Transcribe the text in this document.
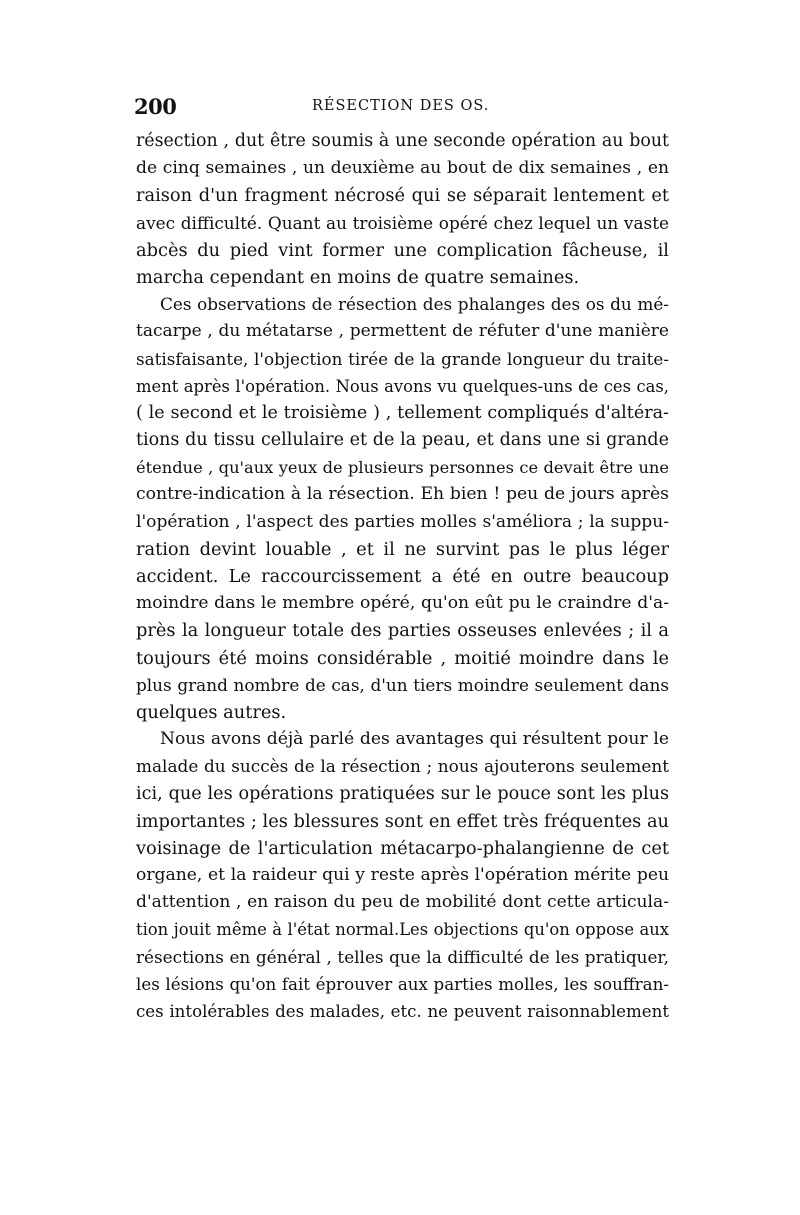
200	RÉSECTION DES OS.
résection , dut être soumis à une seconde opération au bout
de cinq semaines , un deuxième au bout de dix semaines , en
raison d'un fragment nécrosé qui se séparait lentement et
avec difficulté. Quant au troisième opéré chez lequel un vaste
abcès du pied vint former une complication fâcheuse, il
marcha cependant en moins de quatre semaines.
Ces observations de résection des phalanges des os du mé-
tacarpe , du métatarse , permettent de réfuter d'une manière
satisfaisante, l'objection tirée de la grande longueur du traite-
ment après l'opération. Nous avons vu quelques-uns de ces cas,
( le second et le troisième ) , tellement compliqués d'altéra-
tions du tissu cellulaire et de la peau, et dans une si grande
étendue , qu'aux yeux de plusieurs personnes ce devait être une
contre-indication à la résection. Eh bien ! peu de jours après
l'opération , l'aspect des parties molles s'améliora ; la suppu-
ration devint louable , et il ne survint pas le plus léger
accident. Le raccourcissement a été en outre beaucoup
moindre dans le membre opéré, qu'on eût pu le craindre d'a-
près la longueur totale des parties osseuses enlevées ; il a
toujours été moins considérable , moitié moindre dans le
plus grand nombre de cas, d'un tiers moindre seulement dans
quelques autres.
Nous avons déjà parlé des avantages qui résultent pour le
malade du succès de la résection ; nous ajouterons seulement
ici, que les opérations pratiquées sur le pouce sont les plus
importantes ; les blessures sont en effet très fréquentes au
voisinage de l'articulation métacarpo-phalangienne de cet
organe, et la raideur qui y reste après l'opération mérite peu
d'attention , en raison du peu de mobilité dont cette articula-
tion jouit même à l'état normal.Les objections qu'on oppose aux
résections en général , telles que la difficulté de les pratiquer,
les lésions qu'on fait éprouver aux parties molles, les souffran-
ces intolérables des malades, etc. ne peuvent raisonnablement
